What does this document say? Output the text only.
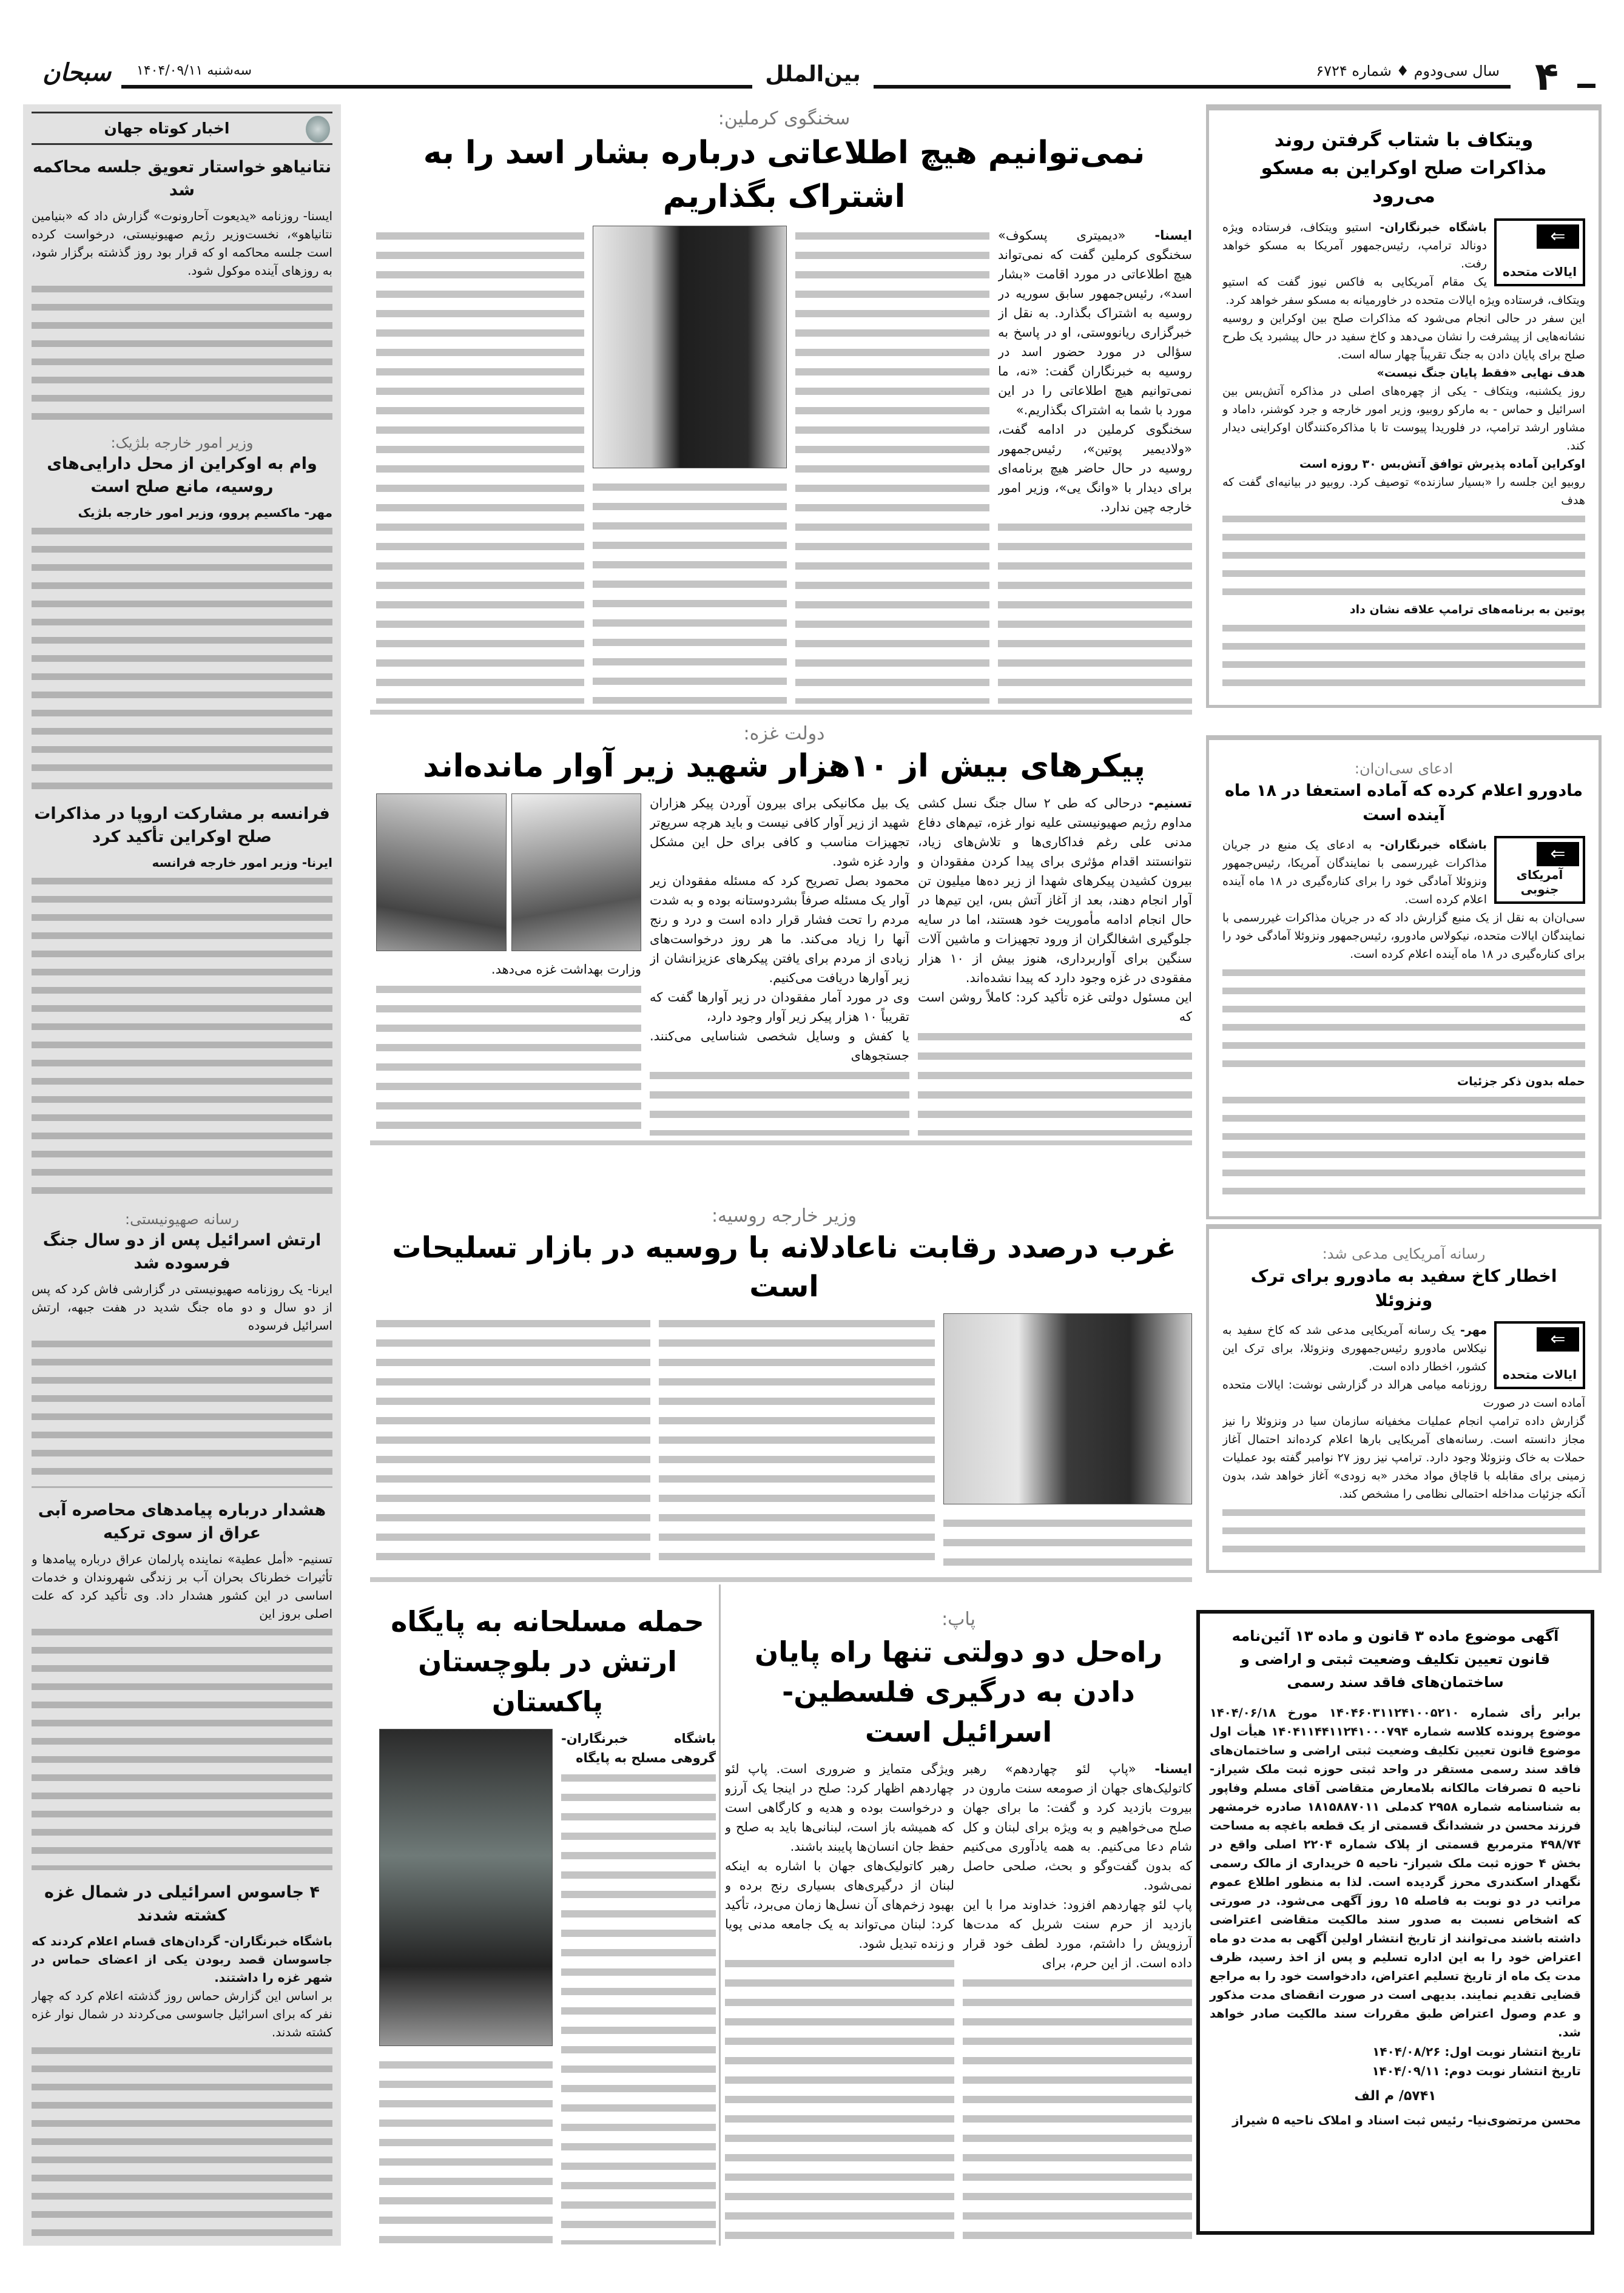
۴
سال سی‌ودوم ♦ شماره ۶۷۲۴
بین‌الملل
سه‌شنبه ۱۴۰۴/۰۹/۱۱
سبحان
اخبار کوتاه جهان
نتانیاهو خواستار تعویق جلسه محاکمه شد

ایسنا- روزنامه «یدیعوت آحارونوت» گزارش داد که «بنیامین نتانیاهو»، نخست‌وزیر رژیم صهیونیستی، درخواست کرده است جلسه محاکمه او که قرار بود روز گذشته برگزار شود، به روزهای آینده موکول شود.

وزیر امور خارجه بلژیک:
وام به اوکراین از محل دارایی‌های روسیه، مانع صلح است

مهر- ماکسیم پروو، وزیر امور خارجه بلژیک

فرانسه بر مشارکت اروپا در مذاکرات صلح اوکراین تأکید کرد

ایرنا- وزیر امور خارجه فرانسه

رسانه صهیونیستی:
ارتش اسرائیل پس از دو سال جنگ فرسوده شد

ایرنا- یک روزنامه صهیونیستی در گزارشی فاش کرد که پس از دو سال و دو ماه جنگ شدید در هفت جبهه، ارتش اسرائیل فرسوده

هشدار درباره پیامدهای محاصره آبی عراق از سوی ترکیه

تسنیم- «أمل عطیة» نماینده پارلمان عراق درباره پیامدها و تأثیرات خطرناک بحران آب بر زندگی شهروندان و خدمات اساسی در این کشور هشدار داد. وی تأکید کرد که علت اصلی بروز این

۴ جاسوس اسرائیلی در شمال غزه کشته شدند

باشگاه خبرنگاران- گردان‌های قسام اعلام کردند که جاسوسان قصد ربودن یکی از اعضای حماس در شهر غزه را داشتند.

بر اساس این گزارش حماس روز گذشته اعلام کرد که چهار نفر که برای اسرائیل جاسوسی می‌کردند در شمال نوار غزه کشته شدند.

سخنگوی کرملین:
نمی‌توانیم هیچ اطلاعاتی درباره بشار اسد را به اشتراک بگذاریم

ایسنا- «دیمیتری پسکوف» سخنگوی کرملین گفت که نمی‌تواند هیچ اطلاعاتی در مورد اقامت «بشار اسد»، رئیس‌جمهور سابق سوریه در روسیه به اشتراک بگذارد. به نقل از خبرگزاری ریانووستی، او در پاسخ به سؤالی در مورد حضور اسد در روسیه به خبرنگاران گفت: «نه، ما نمی‌توانیم هیچ اطلاعاتی را در این مورد با شما به اشتراک بگذاریم.»

سخنگوی کرملین در ادامه گفت، «ولادیمیر پوتین»، رئیس‌جمهور روسیه در حال حاضر هیچ برنامه‌ای برای دیدار با «وانگ یی»، وزیر امور خارجه چین ندارد.

دولت غزه:
پیکرهای بیش از ۱۰هزار شهید زیر آوار مانده‌اند

تسنیم- درحالی که طی ۲ سال جنگ نسل کشی مداوم رژیم صهیونیستی علیه نوار غزه، تیم‌های دفاع مدنی علی رغم فداکاری‌ها و تلاش‌های زیاد، نتوانستند اقدام مؤثری برای پیدا کردن مفقودان و بیرون کشیدن پیکرهای شهدا از زیر ده‌ها میلیون تن آوار انجام دهند، بعد از آغاز آتش بس، این تیم‌ها در حال انجام ادامه مأموریت خود هستند، اما در سایه جلوگیری اشغالگران از ورود تجهیزات و ماشین آلات سنگین برای آواربرداری، هنوز بیش از ۱۰ هزار مفقودی در غزه وجود دارد که پیدا نشده‌اند.

این مسئول دولتی غزه تأکید کرد: کاملاً روشن است که

یک بیل مکانیکی برای بیرون آوردن پیکر هزاران شهید از زیر آوار کافی نیست و باید هرچه سریع‌تر تجهیزات مناسب و کافی برای حل این مشکل وارد غزه شود.

محمود بصل تصریح کرد که مسئله مفقودان زیر آوار یک مسئله صرفاً بشردوستانه بوده و به شدت مردم را تحت فشار قرار داده است و درد و رنج آنها را زیاد می‌کند. ما هر روز درخواست‌های زیادی از مردم برای یافتن پیکرهای عزیزانشان از زیر آوارها دریافت می‌کنیم.

وی در مورد آمار مفقودان در زیر آوارها گفت که تقریباً ۱۰ هزار پیکر زیر آوار وجود دارد،

یا کفش و وسایل شخصی شناسایی می‌کنند. جستجوهای

وزارت بهداشت غزه می‌دهد.

وزیر خارجه روسیه:
غرب درصدد رقابت ناعادلانه با روسیه در بازار تسلیحات است
حمله مسلحانه به پایگاه ارتش در بلوچستان پاکستان

باشگاه خبرنگاران- گروهی مسلح به پایگاه

پاپ:
راه‌حل دو دولتی تنها راه پایان دادن به درگیری فلسطین-اسرائیل است

ایسنا- «پاپ لئو چهاردهم» رهبر کاتولیک‌های جهان از صومعه سنت مارون در بیروت بازدید کرد و گفت: ما برای جهان صلح می‌خواهیم و به ویژه برای لبنان و کل شام دعا می‌کنیم. به همه یادآوری می‌کنیم که بدون گفت‌وگو و بحث، صلحی حاصل نمی‌شود.

پاپ لئو چهاردهم افزود: خداوند مرا با این بازدید از حرم سنت شربل که مدت‌ها آرزویش را داشتم، مورد لطف خود قرار داده است. از این حرم، برای

ویژگی متمایز و ضروری است. پاپ لئو چهاردهم اظهار کرد: صلح در اینجا یک آرزو و درخواست بوده و هدیه و کارگاهی است که همیشه باز است، لبنانی‌ها باید به صلح و حفظ جان انسان‌ها پایبند باشند.

رهبر کاتولیک‌های جهان با اشاره به اینکه لبنان از درگیری‌های بسیاری رنج برده و بهبود زخم‌های آن نسل‌ها زمان می‌برد، تأکید کرد: لبنان می‌تواند به یک جامعه مدنی پویا و زنده تبدیل شود.

ویتکاف با شتاب گرفتن روند مذاکرات صلح اوکراین به مسکو می‌رود
⇐
ایالات متحده

باشگاه خبرنگاران- استیو ویتکاف، فرستاده ویژه دونالد ترامپ، رئیس‌جمهور آمریکا به مسکو خواهد رفت.

یک مقام آمریکایی به فاکس نیوز گفت که استیو ویتکاف، فرستاده ویژه ایالات متحده در خاورمیانه به مسکو سفر خواهد کرد.

این سفر در حالی انجام می‌شود که مذاکرات صلح بین اوکراین و روسیه نشانه‌هایی از پیشرفت را نشان می‌دهد و کاخ سفید در حال پیشبرد یک طرح صلح برای پایان دادن به جنگ تقریباً چهار ساله است.

هدف نهایی «فقط پایان جنگ نیست»

روز یکشنبه، ویتکاف - یکی از چهره‌های اصلی در مذاکره آتش‌بس بین اسرائیل و حماس - به مارکو روبیو، وزیر امور خارجه و جرد کوشنر، داماد و مشاور ارشد ترامپ، در فلوریدا پیوست تا با مذاکره‌کنندگان اوکراینی دیدار کند.

اوکراین آماده پذیرش توافق آتش‌بس ۳۰ روزه است

روبیو این جلسه را «بسیار سازنده» توصیف کرد. روبیو در بیانیه‌ای گفت که هدف

پوتین به برنامه‌های ترامپ علاقه نشان داد

ادعای سی‌ان‌ان:
مادورو اعلام کرده که آماده استعفا در ۱۸ ماه آینده است
⇐
آمریکای جنوبی

باشگاه خبرنگاران- به ادعای یک منبع در جریان مذاکرات غیررسمی با نمایندگان آمریکا، رئیس‌جمهور ونزوئلا آمادگی خود را برای کناره‌گیری در ۱۸ ماه آینده اعلام کرده است.

سی‌ان‌ان به نقل از یک منبع گزارش داد که در جریان مذاکرات غیررسمی با نمایندگان ایالات متحده، نیکولاس مادورو، رئیس‌جمهور ونزوئلا آمادگی خود را برای کناره‌گیری در ۱۸ ماه آینده اعلام کرده است.

حمله بدون ذکر جزئیات

رسانه آمریکایی مدعی شد:
اخطار کاخ سفید به مادورو برای ترک ونزوئلا
⇐
ایالات متحده

مهر- یک رسانه آمریکایی مدعی شد که کاخ سفید به نیکلاس مادورو رئیس‌جمهوری ونزوئلا، برای ترک این کشور، اخطار داده است.

روزنامه میامی هرالد در گزارشی نوشت: ایالات متحده آماده است در صورت

گزارش داده ترامپ انجام عملیات مخفیانه سازمان سیا در ونزوئلا را نیز مجاز دانسته است. رسانه‌های آمریکایی بارها اعلام کرده‌اند احتمال آغاز حملات به خاک ونزوئلا وجود دارد. ترامپ نیز روز ۲۷ نوامبر گفته بود عملیات زمینی برای مقابله با قاچاق مواد مخدر «به زودی» آغاز خواهد شد، بدون آنکه جزئیات مداخله احتمالی نظامی را مشخص کند.

آگهی موضوع ماده ۳ قانون و ماده ۱۳ آئین‌نامه قانون تعیین تکلیف وضعیت ثبتی و اراضی و ساختمان‌های فاقد سند رسمی
برابر رأی شماره ۱۴۰۴۶۰۳۱۱۲۴۱۰۰۵۲۱۰ مورخ ۱۴۰۴/۰۶/۱۸ موضوع پرونده کلاسه شماره ۱۴۰۴۱۱۴۴۱۱۲۴۱۰۰۰۷۹۴ هیأت اول موضوع قانون تعیین تکلیف وضعیت ثبتی اراضی و ساختمان‌های فاقد سند رسمی مستقر در واحد ثبتی حوزه ثبت ملک شیراز- ناحیه ۵ تصرفات مالکانه بلامعارض متقاضی آقای مسلم وفاپور به شناسنامه شماره ۲۹۵۸ کدملی ۱۸۱۵۸۸۷۰۱۱ صادره خرمشهر فرزند محسن در ششدانگ قسمتی از یک قطعه باغچه به مساحت ۴۹۸/۷۴ مترمربع قسمتی از پلاک شماره ۲۲۰۴ اصلی واقع در بخش ۴ حوزه ثبت ملک شیراز- ناحیه ۵ خریداری از مالک رسمی نگهدار اسکندری محرز گردیده است. لذا به منظور اطلاع عموم مراتب در دو نوبت به فاصله ۱۵ روز آگهی می‌شود. در صورتی که اشخاص نسبت به صدور سند مالکیت متقاضی اعتراضی داشته باشند می‌توانند از تاریخ انتشار اولین آگهی به مدت دو ماه اعتراض خود را به این اداره تسلیم و پس از اخذ رسید، ظرف مدت یک ماه از تاریخ تسلیم اعتراض، دادخواست خود را به مراجع قضایی تقدیم نمایند. بدیهی است در صورت انقضای مدت مذکور و عدم وصول اعتراض طبق مقررات سند مالکیت صادر خواهد شد.
تاریخ انتشار نوبت اول: ۱۴۰۴/۰۸/۲۶
تاریخ انتشار نوبت دوم: ۱۴۰۴/۰۹/۱۱
۵۷۴۱/ م الف
محسن مرتضوی‌نیا- رئیس ثبت اسناد و املاک ناحیه ۵ شیراز
